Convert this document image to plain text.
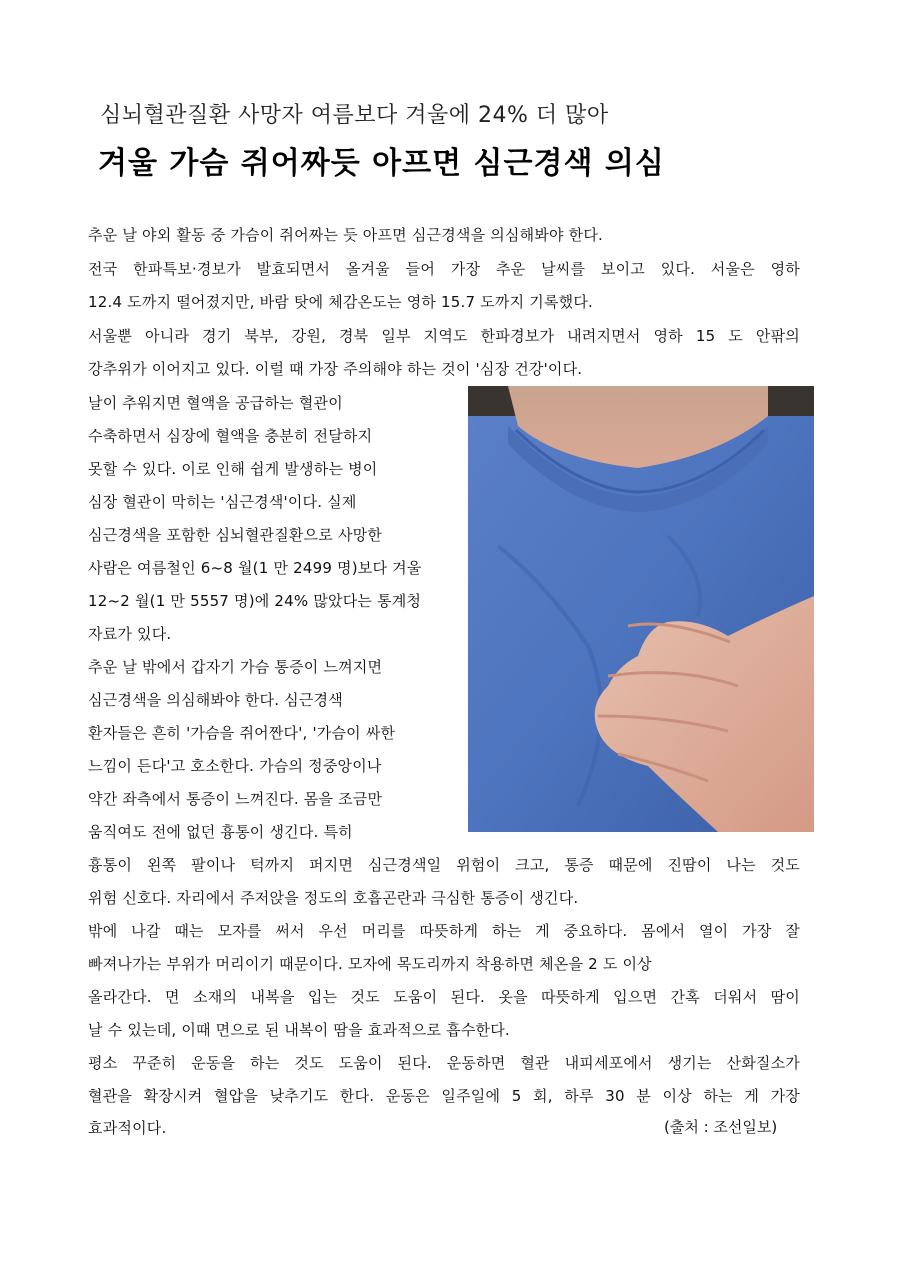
심뇌혈관질환 사망자 여름보다 겨울에 24% 더 많아
겨울 가슴 쥐어짜듯 아프면 심근경색 의심
추운 날 야외 활동 중 가슴이 쥐어짜는 듯 아프면 심근경색을 의심해봐야 한다.
전국 한파특보·경보가 발효되면서 올겨울 들어 가장 추운 날씨를 보이고 있다. 서울은 영하
12.4 도까지 떨어졌지만, 바람 탓에 체감온도는 영하 15.7 도까지 기록했다.
서울뿐 아니라 경기 북부, 강원, 경북 일부 지역도 한파경보가 내려지면서 영하 15 도 안팎의
강추위가 이어지고 있다. 이럴 때 가장 주의해야 하는 것이 '심장 건강'이다.
날이 추워지면 혈액을 공급하는 혈관이
수축하면서 심장에 혈액을 충분히 전달하지
못할 수 있다. 이로 인해 쉽게 발생하는 병이
심장 혈관이 막히는 '심근경색'이다. 실제
심근경색을 포함한 심뇌혈관질환으로 사망한
사람은 여름철인 6~8 월(1 만 2499 명)보다 겨울
12~2 월(1 만 5557 명)에 24% 많았다는 통계청
자료가 있다.
추운 날 밖에서 갑자기 가슴 통증이 느껴지면
심근경색을 의심해봐야 한다. 심근경색
환자들은 흔히 '가슴을 쥐어짠다', '가슴이 싸한
느낌이 든다'고 호소한다. 가슴의 정중앙이나
약간 좌측에서 통증이 느껴진다. 몸을 조금만
움직여도 전에 없던 흉통이 생긴다. 특히
흉통이 왼쪽 팔이나 턱까지 퍼지면 심근경색일 위험이 크고, 통증 때문에 진땀이 나는 것도
위험 신호다. 자리에서 주저앉을 정도의 호흡곤란과 극심한 통증이 생긴다.
밖에 나갈 때는 모자를 써서 우선 머리를 따뜻하게 하는 게 중요하다. 몸에서 열이 가장 잘
빠져나가는 부위가 머리이기 때문이다. 모자에 목도리까지 착용하면 체온을 2 도 이상
올라간다. 면 소재의 내복을 입는 것도 도움이 된다. 옷을 따뜻하게 입으면 간혹 더워서 땀이
날 수 있는데, 이때 면으로 된 내복이 땀을 효과적으로 흡수한다.
평소 꾸준히 운동을 하는 것도 도움이 된다. 운동하면 혈관 내피세포에서 생기는 산화질소가
혈관을 확장시켜 혈압을 낮추기도 한다. 운동은 일주일에 5 회, 하루 30 분 이상 하는 게 가장
효과적이다.	(출처 : 조선일보)
